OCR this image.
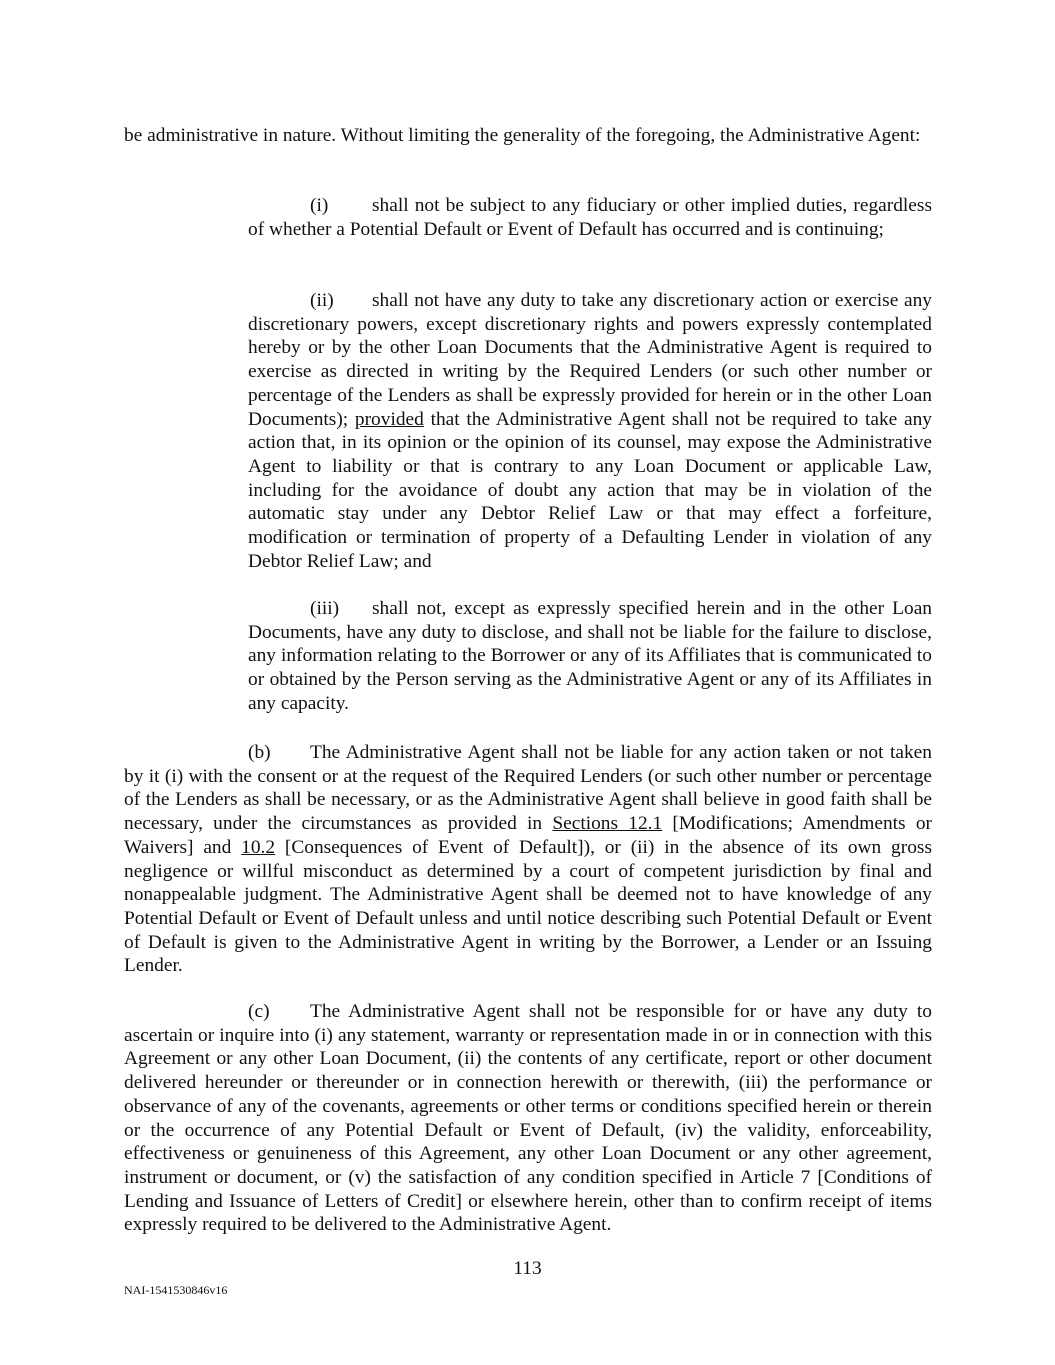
be administrative in nature. Without limiting the generality of the foregoing, the Administrative Agent:

(i) shall not be subject to any fiduciary or other implied duties, regardless of whether a Potential Default or Event of Default has occurred and is continuing;

(ii) shall not have any duty to take any discretionary action or exercise any discretionary powers, except discretionary rights and powers expressly contemplated hereby or by the other Loan Documents that the Administrative Agent is required to exercise as directed in writing by the Required Lenders (or such other number or percentage of the Lenders as shall be expressly provided for herein or in the other Loan Documents); provided that the Administrative Agent shall not be required to take any action that, in its opinion or the opinion of its counsel, may expose the Administrative Agent to liability or that is contrary to any Loan Document or applicable Law, including for the avoidance of doubt any action that may be in violation of the automatic stay under any Debtor Relief Law or that may effect a forfeiture, modification or termination of property of a Defaulting Lender in violation of any Debtor Relief Law; and

(iii) shall not, except as expressly specified herein and in the other Loan Documents, have any duty to disclose, and shall not be liable for the failure to disclose, any information relating to the Borrower or any of its Affiliates that is communicated to or obtained by the Person serving as the Administrative Agent or any of its Affiliates in any capacity.

(b) The Administrative Agent shall not be liable for any action taken or not taken by it (i) with the consent or at the request of the Required Lenders (or such other number or percentage of the Lenders as shall be necessary, or as the Administrative Agent shall believe in good faith shall be necessary, under the circumstances as provided in Sections 12.1 [Modifications; Amendments or Waivers] and 10.2 [Consequences of Event of Default]), or (ii) in the absence of its own gross negligence or willful misconduct as determined by a court of competent jurisdiction by final and nonappealable judgment. The Administrative Agent shall be deemed not to have knowledge of any Potential Default or Event of Default unless and until notice describing such Potential Default or Event of Default is given to the Administrative Agent in writing by the Borrower, a Lender or an Issuing Lender.

(c) The Administrative Agent shall not be responsible for or have any duty to ascertain or inquire into (i) any statement, warranty or representation made in or in connection with this Agreement or any other Loan Document, (ii) the contents of any certificate, report or other document delivered hereunder or thereunder or in connection herewith or therewith, (iii) the performance or observance of any of the covenants, agreements or other terms or conditions specified herein or therein or the occurrence of any Potential Default or Event of Default, (iv) the validity, enforceability, effectiveness or genuineness of this Agreement, any other Loan Document or any other agreement, instrument or document, or (v) the satisfaction of any condition specified in Article 7 [Conditions of Lending and Issuance of Letters of Credit] or elsewhere herein, other than to confirm receipt of items expressly required to be delivered to the Administrative Agent.

113
NAI-1541530846v16
